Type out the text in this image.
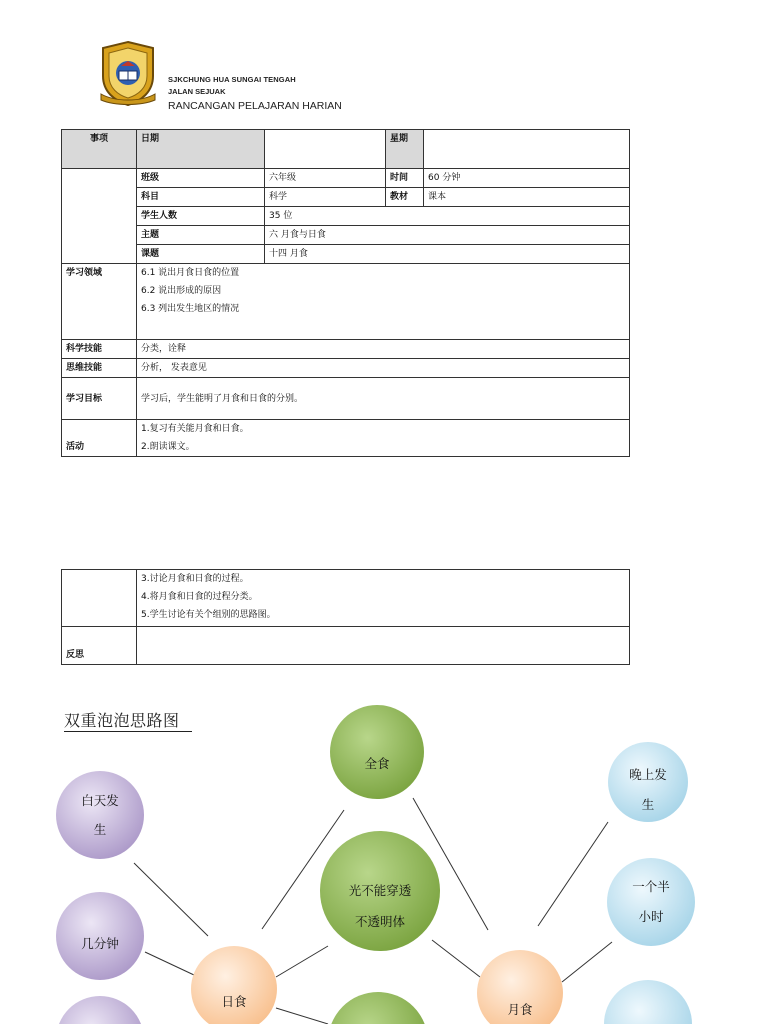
SJKCHUNG HUA SUNGAI TENGAH
JALAN SEJUAK
RANCANGAN PELAJARAN HARIAN
事项	日期		星期	
	班级	六年级	时间	60 分钟
	科目	科学	教材	课本
	学生人数	35 位		
	主题	六 月食与日食		
	课题	十四 月食		
学习领域	6.1 说出月食日食的位置
6.2 说出形成的原因
6.3 列出发生地区的情况			

科学技能	分类，诠释			
思维技能	分析， 发表意见			
学习目标	学习后，学生能明了月食和日食的分别。			
活动	1.复习有关能月食和日食。
2.朗读课文。			

	3.讨论月食和日食的过程。
4.将月食和日食的过程分类。
5.学生讨论有关个组别的思路图。

反思	
双重泡泡思路图
全食
光不能穿透
不透明体
日食
月食
白天发
生
几分钟
晚上发
生
一个半
小时
